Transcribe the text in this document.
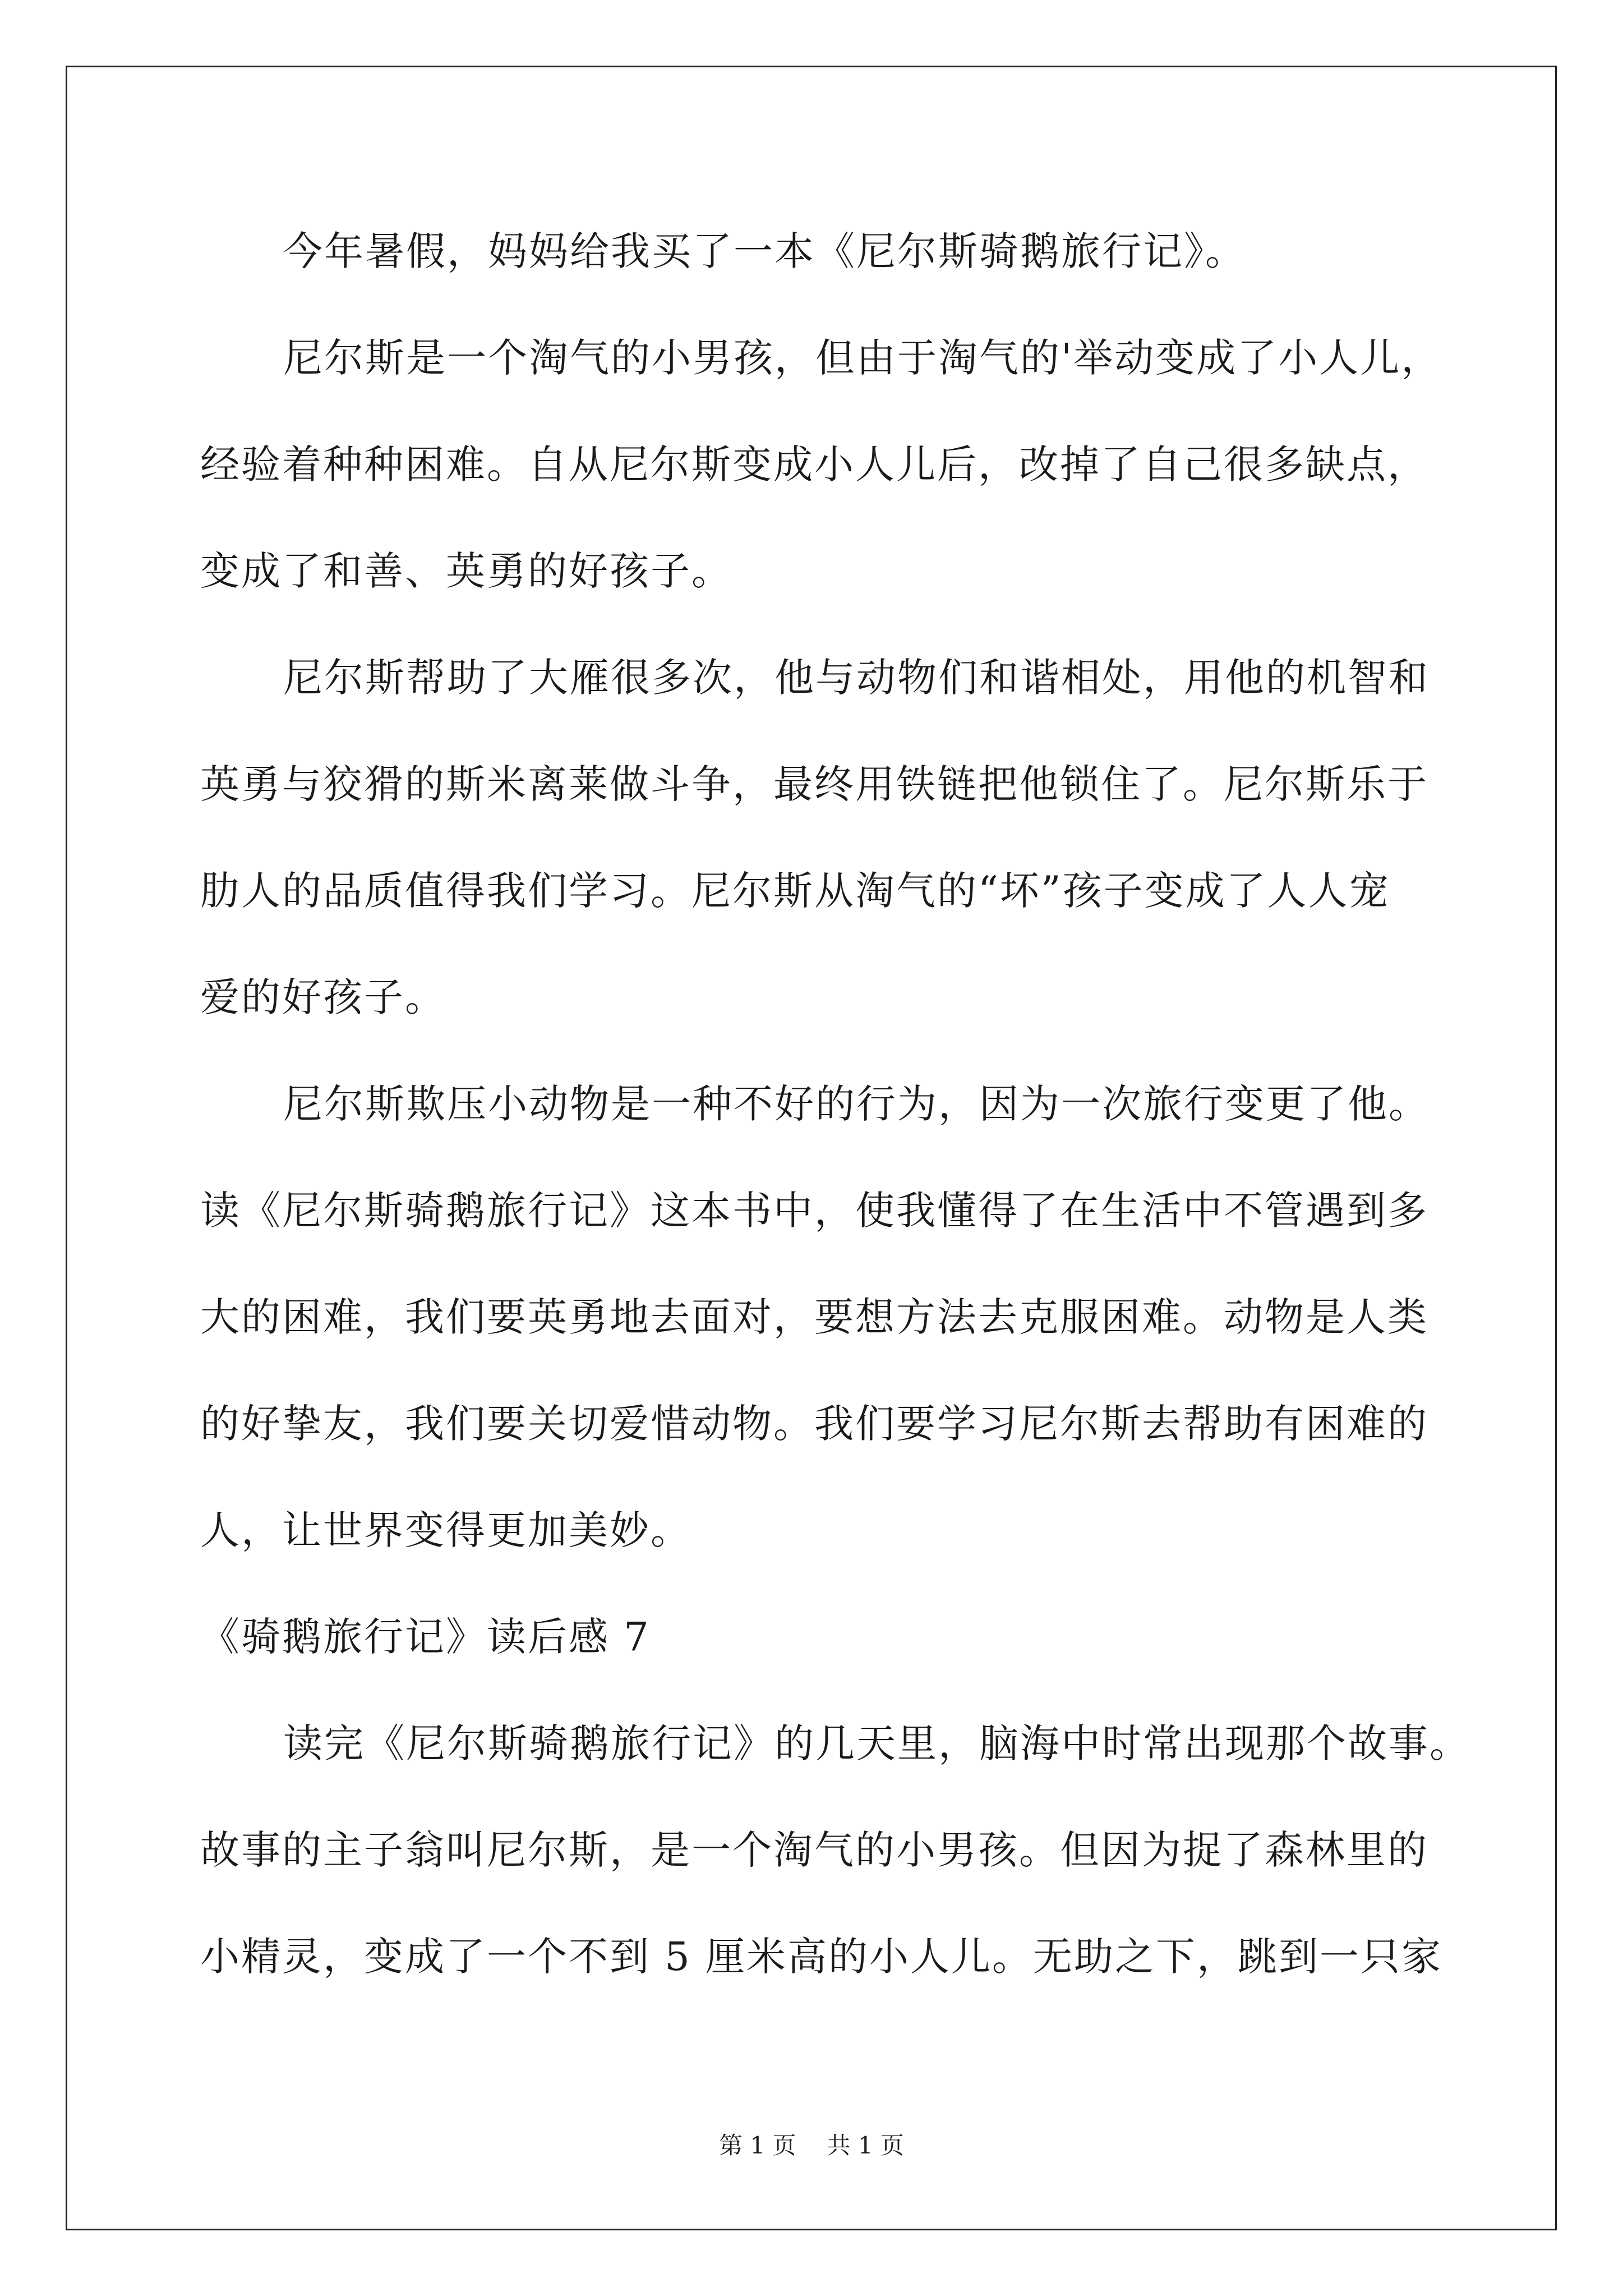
今年暑假，妈妈给我买了一本《尼尔斯骑鹅旅行记》。
尼尔斯是一个淘气的小男孩，但由于淘气的'举动变成了小人儿，
经验着种种困难。自从尼尔斯变成小人儿后，改掉了自己很多缺点，
变成了和善、英勇的好孩子。
尼尔斯帮助了大雁很多次，他与动物们和谐相处，用他的机智和
英勇与狡猾的斯米离莱做斗争，最终用铁链把他锁住了。尼尔斯乐于
肋人的品质值得我们学习。尼尔斯从淘气的“坏”孩子变成了人人宠
爱的好孩子。
尼尔斯欺压小动物是一种不好的行为，因为一次旅行变更了他。
读《尼尔斯骑鹅旅行记》这本书中，使我懂得了在生活中不管遇到多
大的困难，我们要英勇地去面对，要想方法去克服困难。动物是人类
的好挚友，我们要关切爱惜动物。我们要学习尼尔斯去帮助有困难的
人，让世界变得更加美妙。
《骑鹅旅行记》读后感 7
读完《尼尔斯骑鹅旅行记》的几天里，脑海中时常出现那个故事。
故事的主子翁叫尼尔斯，是一个淘气的小男孩。但因为捉了森林里的
小精灵，变成了一个不到 5 厘米高的小人儿。无助之下，跳到一只家
第 1 页 共 1 页
